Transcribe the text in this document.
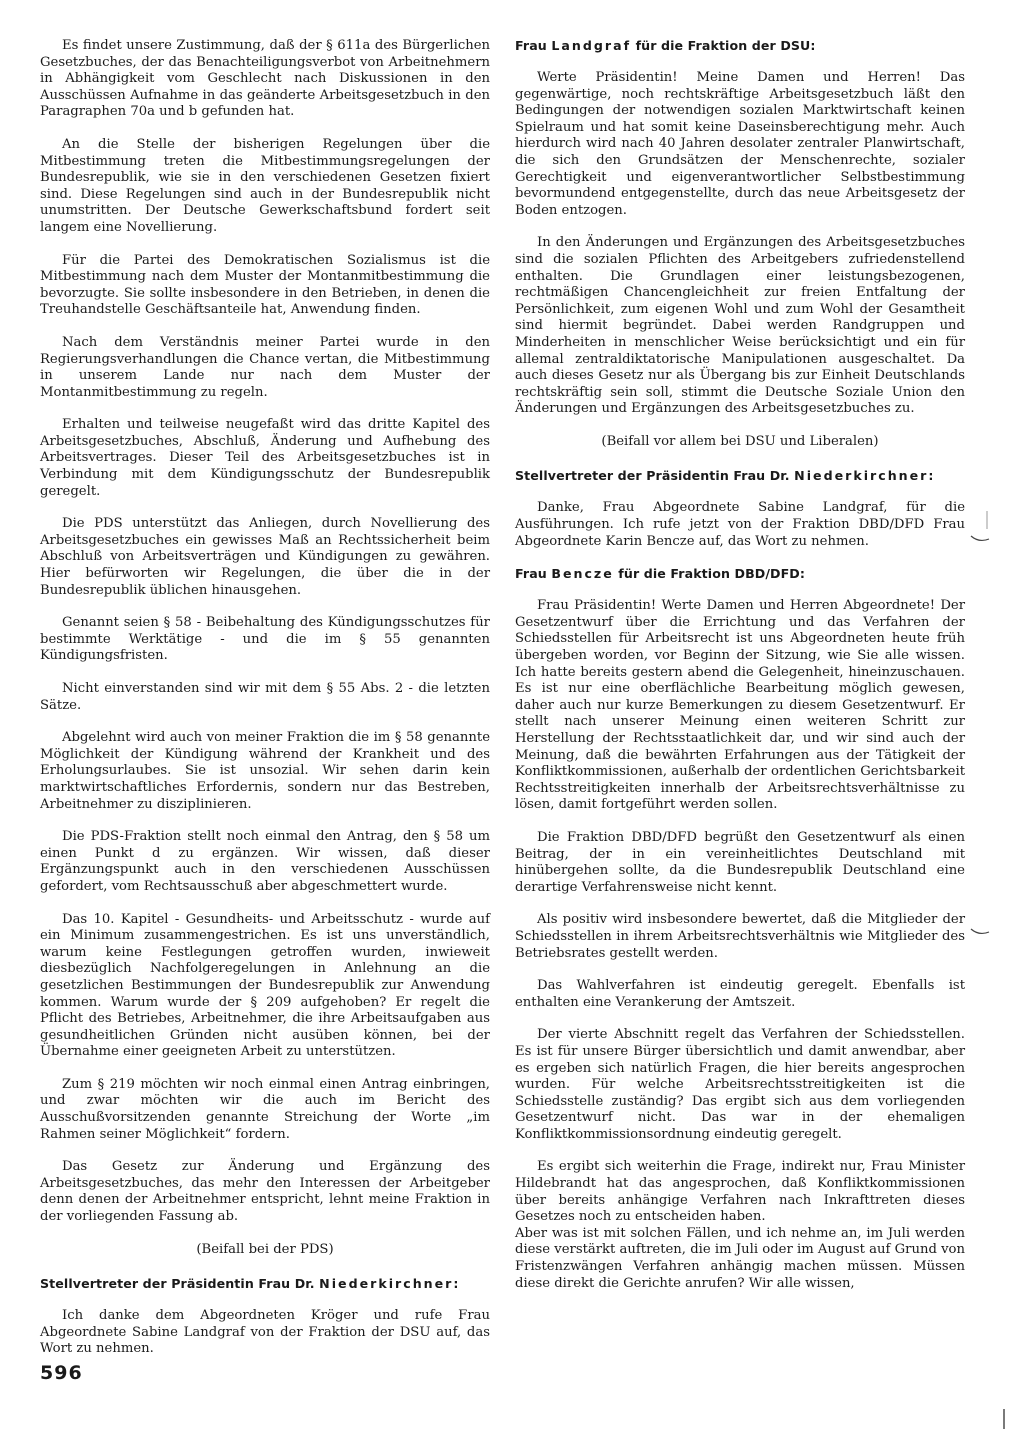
Es findet unsere Zustimmung, daß der § 611a des Bürgerlichen Gesetzbuches, der das Benachteiligungsverbot von Arbeitnehmern in Abhängigkeit vom Geschlecht nach Diskussionen in den Ausschüssen Aufnahme in das geänderte Arbeitsgesetzbuch in den Paragraphen 70a und b gefunden hat.

An die Stelle der bisherigen Regelungen über die Mitbestimmung treten die Mitbestimmungsregelungen der Bundesrepublik, wie sie in den verschiedenen Gesetzen fixiert sind. Diese Regelungen sind auch in der Bundesrepublik nicht unumstritten. Der Deutsche Gewerkschaftsbund fordert seit langem eine Novellierung.

Für die Partei des Demokratischen Sozialismus ist die Mitbestimmung nach dem Muster der Montanmitbestimmung die bevorzugte. Sie sollte insbesondere in den Betrieben, in denen die Treuhandstelle Geschäftsanteile hat, Anwendung finden.

Nach dem Verständnis meiner Partei wurde in den Regierungsverhandlungen die Chance vertan, die Mitbestimmung in unserem Lande nur nach dem Muster der Montanmitbestimmung zu regeln.

Erhalten und teilweise neugefaßt wird das dritte Kapitel des Arbeitsgesetzbuches, Abschluß, Änderung und Aufhebung des Arbeitsvertrages. Dieser Teil des Arbeitsgesetzbuches ist in Verbindung mit dem Kündigungsschutz der Bundesrepublik geregelt.

Die PDS unterstützt das Anliegen, durch Novellierung des Arbeitsgesetzbuches ein gewisses Maß an Rechtssicherheit beim Abschluß von Arbeitsverträgen und Kündigungen zu gewähren. Hier befürworten wir Regelungen, die über die in der Bundesrepublik üblichen hinausgehen.

Genannt seien § 58 - Beibehaltung des Kündigungsschutzes für bestimmte Werktätige - und die im § 55 genannten Kündigungsfristen.

Nicht einverstanden sind wir mit dem § 55 Abs. 2 - die letzten Sätze.

Abgelehnt wird auch von meiner Fraktion die im § 58 genannte Möglichkeit der Kündigung während der Krankheit und des Erholungsurlaubes. Sie ist unsozial. Wir sehen darin kein marktwirtschaftliches Erfordernis, sondern nur das Bestreben, Arbeitnehmer zu disziplinieren.

Die PDS-Fraktion stellt noch einmal den Antrag, den § 58 um einen Punkt d zu ergänzen. Wir wissen, daß dieser Ergänzungspunkt auch in den verschiedenen Ausschüssen gefordert, vom Rechtsausschuß aber abgeschmettert wurde.

Das 10. Kapitel - Gesundheits- und Arbeitsschutz - wurde auf ein Minimum zusammengestrichen. Es ist uns unverständlich, warum keine Festlegungen getroffen wurden, inwieweit diesbezüglich Nachfolgeregelungen in Anlehnung an die gesetzlichen Bestimmungen der Bundesrepublik zur Anwendung kommen. Warum wurde der § 209 aufgehoben? Er regelt die Pflicht des Betriebes, Arbeitnehmer, die ihre Arbeitsaufgaben aus gesundheitlichen Gründen nicht ausüben können, bei der Übernahme einer geeigneten Arbeit zu unterstützen.

Zum § 219 möchten wir noch einmal einen Antrag einbringen, und zwar möchten wir die auch im Bericht des Ausschußvorsitzenden genannte Streichung der Worte „im Rahmen seiner Möglichkeit“ fordern.

Das Gesetz zur Änderung und Ergänzung des Arbeitsgesetzbuches, das mehr den Interessen der Arbeitgeber denn denen der Arbeitnehmer entspricht, lehnt meine Fraktion in der vorliegenden Fassung ab.

(Beifall bei der PDS)

Stellvertreter der Präsidentin Frau Dr. Niederkirchner:

Ich danke dem Abgeordneten Kröger und rufe Frau Abgeordnete Sabine Landgraf von der Fraktion der DSU auf, das Wort zu nehmen.

Frau Landgraf für die Fraktion der DSU:

Werte Präsidentin! Meine Damen und Herren! Das gegenwärtige, noch rechtskräftige Arbeitsgesetzbuch läßt den Bedingungen der notwendigen sozialen Marktwirtschaft keinen Spielraum und hat somit keine Daseinsberechtigung mehr. Auch hierdurch wird nach 40 Jahren desolater zentraler Planwirtschaft, die sich den Grundsätzen der Menschenrechte, sozialer Gerechtigkeit und eigenverantwortlicher Selbstbestimmung bevormundend entgegenstellte, durch das neue Arbeitsgesetz der Boden entzogen.

In den Änderungen und Ergänzungen des Arbeitsgesetzbuches sind die sozialen Pflichten des Arbeitgebers zufriedenstellend enthalten. Die Grundlagen einer leistungsbezogenen, rechtmäßigen Chancengleichheit zur freien Entfaltung der Persönlichkeit, zum eigenen Wohl und zum Wohl der Gesamtheit sind hiermit begründet. Dabei werden Randgruppen und Minderheiten in menschlicher Weise berücksichtigt und ein für allemal zentraldiktatorische Manipulationen ausgeschaltet. Da auch dieses Gesetz nur als Übergang bis zur Einheit Deutschlands rechtskräftig sein soll, stimmt die Deutsche Soziale Union den Änderungen und Ergänzungen des Arbeitsgesetzbuches zu.

(Beifall vor allem bei DSU und Liberalen)

Stellvertreter der Präsidentin Frau Dr. Niederkirchner:

Danke, Frau Abgeordnete Sabine Landgraf, für die Ausführungen. Ich rufe jetzt von der Fraktion DBD/DFD Frau Abgeordnete Karin Bencze auf, das Wort zu nehmen.

Frau Bencze für die Fraktion DBD/DFD:

Frau Präsidentin! Werte Damen und Herren Abgeordnete! Der Gesetzentwurf über die Errichtung und das Verfahren der Schiedsstellen für Arbeitsrecht ist uns Abgeordneten heute früh übergeben worden, vor Beginn der Sitzung, wie Sie alle wissen. Ich hatte bereits gestern abend die Gelegenheit, hineinzuschauen. Es ist nur eine oberflächliche Bearbeitung möglich gewesen, daher auch nur kurze Bemerkungen zu diesem Gesetzentwurf. Er stellt nach unserer Meinung einen weiteren Schritt zur Herstellung der Rechtsstaatlichkeit dar, und wir sind auch der Meinung, daß die bewährten Erfahrungen aus der Tätigkeit der Konfliktkommissionen, außerhalb der ordentlichen Gerichtsbarkeit Rechtsstreitigkeiten innerhalb der Arbeitsrechtsverhältnisse zu lösen, damit fortgeführt werden sollen.

Die Fraktion DBD/DFD begrüßt den Gesetzentwurf als einen Beitrag, der in ein vereinheitlichtes Deutschland mit hinübergehen sollte, da die Bundesrepublik Deutschland eine derartige Verfahrensweise nicht kennt.

Als positiv wird insbesondere bewertet, daß die Mitglieder der Schiedsstellen in ihrem Arbeitsrechtsverhältnis wie Mitglieder des Betriebsrates gestellt werden.

Das Wahlverfahren ist eindeutig geregelt. Ebenfalls ist enthalten eine Verankerung der Amtszeit.

Der vierte Abschnitt regelt das Verfahren der Schiedsstellen. Es ist für unsere Bürger übersichtlich und damit anwendbar, aber es ergeben sich natürlich Fragen, die hier bereits angesprochen wurden. Für welche Arbeitsrechtsstreitigkeiten ist die Schiedsstelle zuständig? Das ergibt sich aus dem vorliegenden Gesetzentwurf nicht. Das war in der ehemaligen Konfliktkommissionsordnung eindeutig geregelt.

Es ergibt sich weiterhin die Frage, indirekt nur, Frau Minister Hildebrandt hat das angesprochen, daß Konfliktkommissionen über bereits anhängige Verfahren nach Inkrafttreten dieses Gesetzes noch zu entscheiden haben.

Aber was ist mit solchen Fällen, und ich nehme an, im Juli werden diese verstärkt auftreten, die im Juli oder im August auf Grund von Fristenzwängen Verfahren anhängig machen müssen. Müssen diese direkt die Gerichte anrufen? Wir alle wissen,

596
